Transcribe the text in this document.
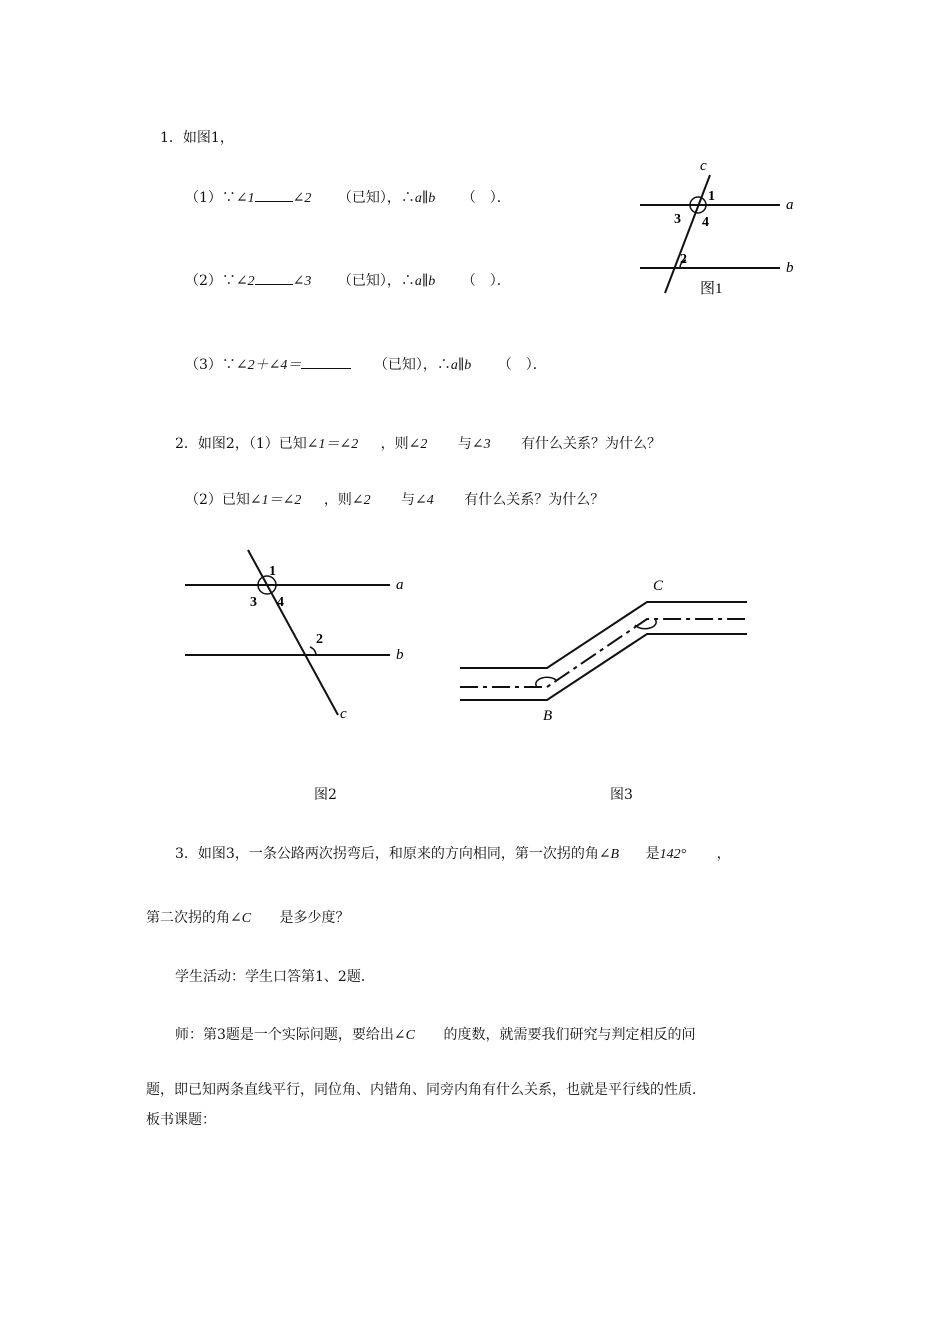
1．如图1，
（1）∵∠1	∠2 （已知），∴a∥b （　）．
（2）∵∠2	∠3 （已知），∴a∥b （　）．
（3）∵∠2＋∠4＝	（已知），∴a∥b （　）．
c
1
3 4
2
a
b
图1
2．如图2，（1）已知∠1＝∠2 ，则∠2 与∠3 有什么关系？为什么？
（2）已知∠1＝∠2 ，则∠2 与∠4 有什么关系？为什么？
1
3 4
2
a
b
c
图2
C
B
图3
3．如图3，一条公路两次拐弯后，和原来的方向相同，第一次拐的角∠B 是142° ，
第二次拐的角∠C 是多少度？
学生活动：学生口答第1、2题．
师：第3题是一个实际问题，要给出∠C 的度数，就需要我们研究与判定相反的问
题，即已知两条直线平行，同位角、内错角、同旁内角有什么关系，也就是平行线的性质．
板书课题：
